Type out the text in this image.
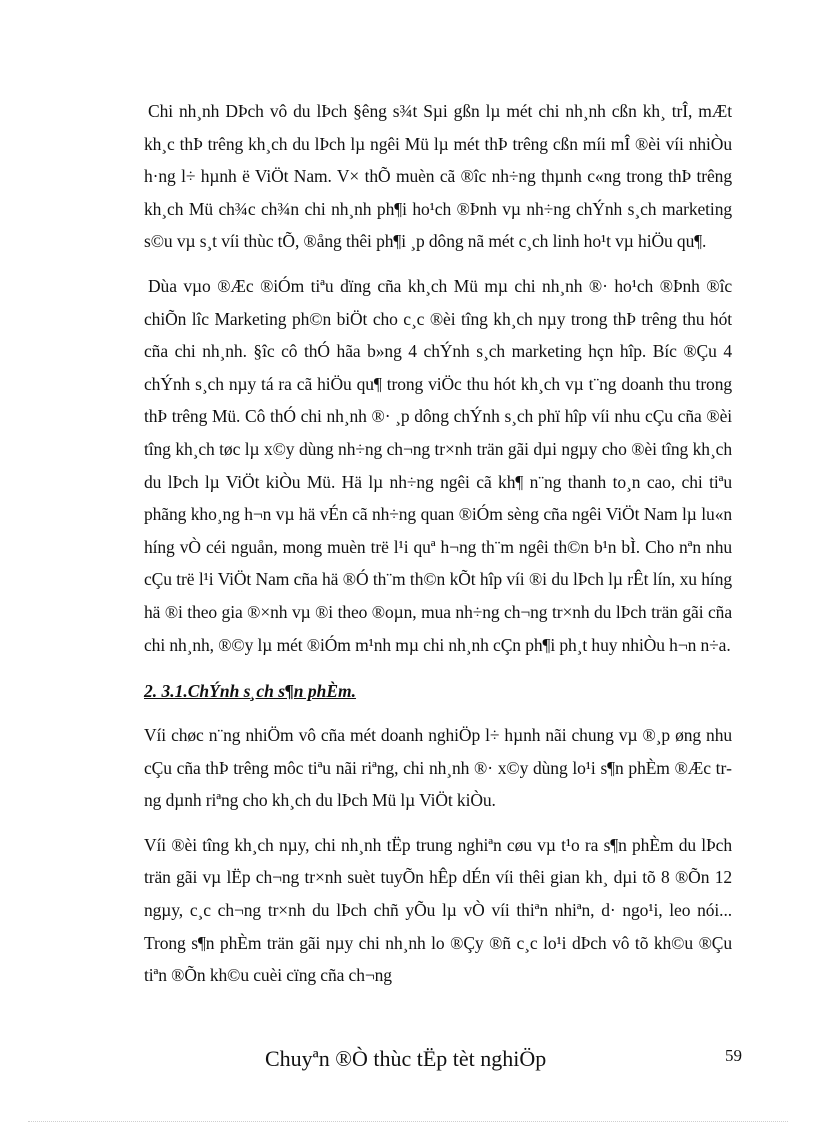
Chi nh¸nh DÞch vô du lÞch §êng s¾t Sµi gßn lµ mét chi nh¸nh cßn kh¸ trÎ, mÆt kh¸c thÞ trêng kh¸ch du lÞch lµ ngêi Mü lµ mét thÞ trêng cßn míi mÎ ®èi víi nhiÒu h·ng l÷ hµnh ë ViÖt Nam. V× thÕ muèn cã ®îc nh÷ng thµnh c«ng trong thÞ trêng kh¸ch Mü ch¾c ch¾n chi nh¸nh ph¶i ho¹ch ®Þnh vµ nh÷ng chÝnh s¸ch marketing s©u vµ s¸t víi thùc tÕ, ®ång thêi ph¶i ¸p dông nã mét c¸ch linh ho¹t vµ hiÖu qu¶.

Dùa vµo ®Æc ®iÓm tiªu dïng cña kh¸ch Mü mµ chi nh¸nh ®· ho¹ch ®Þnh ®îc chiÕn lîc Marketing ph©n biÖt cho c¸c ®èi tîng kh¸ch nµy trong thÞ trêng thu hót cña chi nh¸nh. §îc cô thÓ hãa b»ng 4 chÝnh s¸ch marketing hçn hîp. Bíc ®Çu 4 chÝnh s¸ch nµy tá ra cã hiÖu qu¶ trong viÖc thu hót kh¸ch vµ t¨ng doanh thu trong thÞ trêng Mü. Cô thÓ chi nh¸nh ®· ¸p dông chÝnh s¸ch phï hîp víi nhu cÇu cña ®èi tîng kh¸ch tøc lµ x©y dùng nh÷ng ch¬ng tr×nh trän gãi dµi ngµy cho ®èi tîng kh¸ch du lÞch lµ ViÖt kiÒu Mü. Hä lµ nh÷ng ngêi cã kh¶ n¨ng thanh to¸n cao, chi tiªu phãng kho¸ng h¬n vµ hä vÉn cã nh÷ng quan ®iÓm sèng cña ngêi ViÖt Nam lµ lu«n híng vÒ céi nguån, mong muèn trë l¹i quª h¬ng th¨m ngêi th©n b¹n bÌ. Cho nªn nhu cÇu trë l¹i ViÖt Nam cña hä ®Ó th¨m th©n kÕt hîp víi ®i du lÞch lµ rÊt lín, xu híng hä ®i theo gia ®×nh vµ ®i theo ®oµn, mua nh÷ng ch¬ng tr×nh du lÞch trän gãi cña chi nh¸nh, ®©y lµ mét ®iÓm m¹nh mµ chi nh¸nh cÇn ph¶i ph¸t huy nhiÒu h¬n n÷a.

2. 3.1.ChÝnh s¸ch s¶n phÈm.

Víi chøc n¨ng nhiÖm vô cña mét doanh nghiÖp l÷ hµnh nãi chung vµ ®¸p øng nhu cÇu cña thÞ trêng môc tiªu nãi riªng, chi nh¸nh ®· x©y dùng lo¹i s¶n phÈm ®Æc trng dµnh riªng cho kh¸ch du lÞch Mü lµ ViÖt kiÒu.

Víi ®èi tîng kh¸ch nµy, chi nh¸nh tËp trung nghiªn cøu vµ t¹o ra s¶n phÈm du lÞch trän gãi vµ lËp ch¬ng tr×nh suèt tuyÕn hÊp dÉn víi thêi gian kh¸ dµi tõ 8 ®Õn 12 ngµy, c¸c ch¬ng tr×nh du lÞch chñ yÕu lµ vÒ víi thiªn nhiªn, d· ngo¹i, leo nói... Trong s¶n phÈm trän gãi nµy chi nh¸nh lo ®Çy ®ñ c¸c lo¹i dÞch vô tõ kh©u ®Çu tiªn ®Õn kh©u cuèi cïng cña ch¬ng

Chuyªn ®Ò thùc tËp tèt nghiÖp	59
